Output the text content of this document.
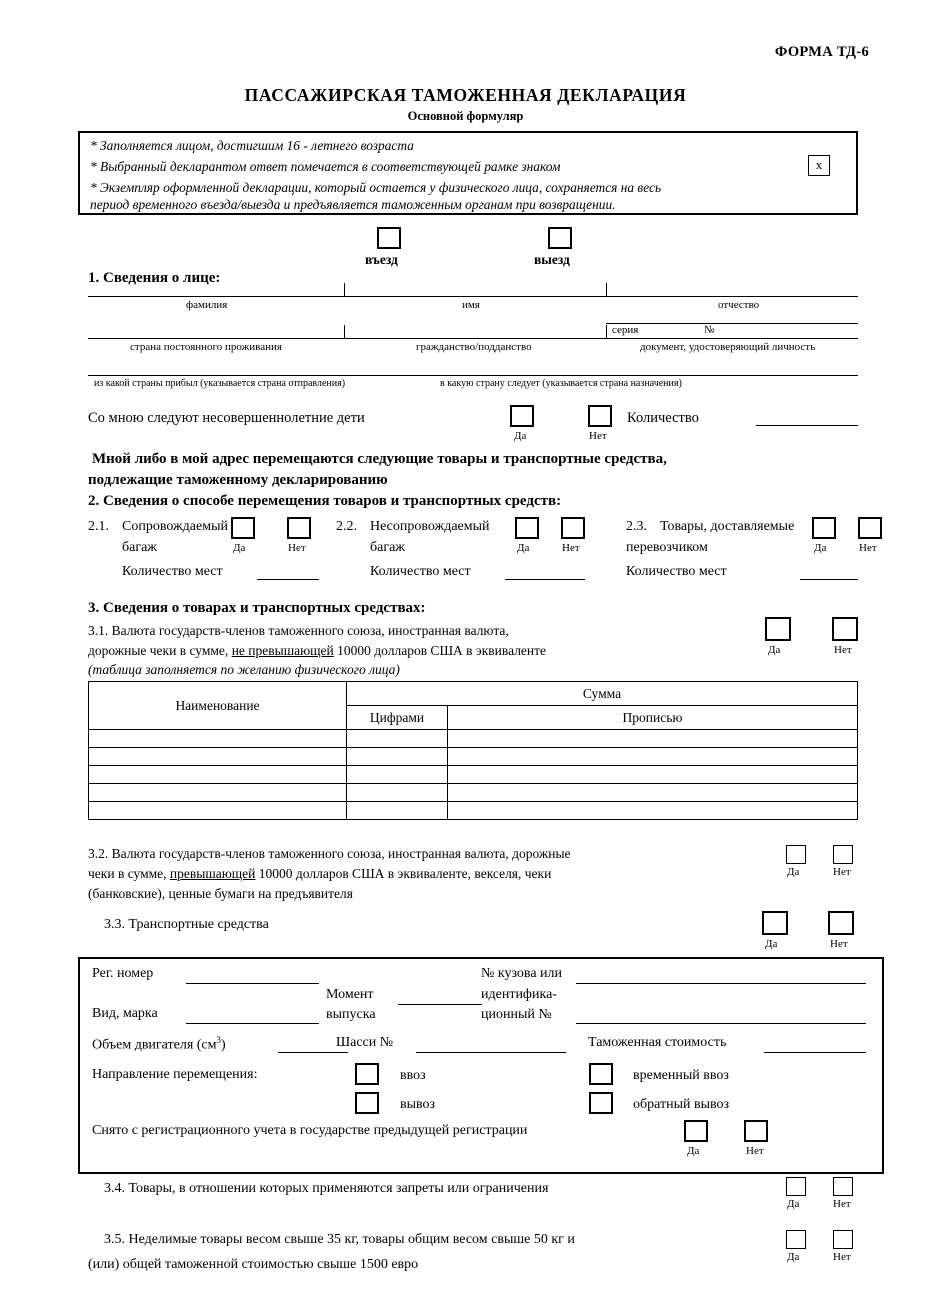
ФОРМА ТД-6
ПАССАЖИРСКАЯ ТАМОЖЕННАЯ ДЕКЛАРАЦИЯ
Основной формуляр
* Заполняется лицом, достигшим 16 - летнего возраста
* Выбранный декларантом ответ помечается в соответствующей рамке знаком
* Экземпляр оформленной декларации, который остается у физического лица, сохраняется на весь
период временного въезда/выезда и предъявляется таможенным органам при возвращении.
х
въезд	выезд
1. Сведения о лице:
фамилия	имя	отчество
серия	№
страна постоянного проживания	гражданство/подданство	документ, удостоверяющий личность
из какой страны прибыл (указывается страна отправления)	в какую страну следует (указывается страна назначения)
Со мною следуют несовершеннолетние дети
Да	Нет
Количество
Мной либо в мой адрес перемещаются следующие товары и транспортные средства,
подлежащие таможенному декларированию
2. Сведения о способе перемещения товаров и транспортных средств:
2.1. Сопровождаемый
багаж	Да	Нет
Количество мест
2.2. Несопровождаемый
багаж	Да	Нет
Количество мест
2.3. Товары, доставляемые
перевозчиком	Да	Нет
Количество мест
3. Сведения о товарах и транспортных средствах:
3.1. Валюта государств-членов таможенного союза, иностранная валюта,
дорожные чеки в сумме, не превышающей 10000 долларов США в эквиваленте
(таблица заполняется по желанию физического лица)
Да	Нет
Наименование	Сумма	
	Цифрами	Прописью

3.2. Валюта государств-членов таможенного союза, иностранная валюта, дорожные
чеки в сумме, превышающей 10000 долларов США в эквиваленте, векселя, чеки
(банковские), ценные бумаги на предъявителя
Да	Нет
3.3. Транспортные средства
Да	Нет
Рег. номер
Момент
выпуска
№ кузова или
идентифика-
ционный №
Вид, марка
Объем двигателя $(см^3)$	Шасси №	Таможенная стоимость
Направление перемещения:	ввоз
вывоз
временный ввоз
обратный вывоз
Снято с регистрационного учета в государстве предыдущей регистрации
Да	Нет
3.4. Товары, в отношении которых применяются запреты или ограничения
Да	Нет
3.5. Неделимые товары весом свыше 35 кг, товары общим весом свыше 50 кг и
(или) общей таможенной стоимостью свыше 1500 евро	Да	Нет
